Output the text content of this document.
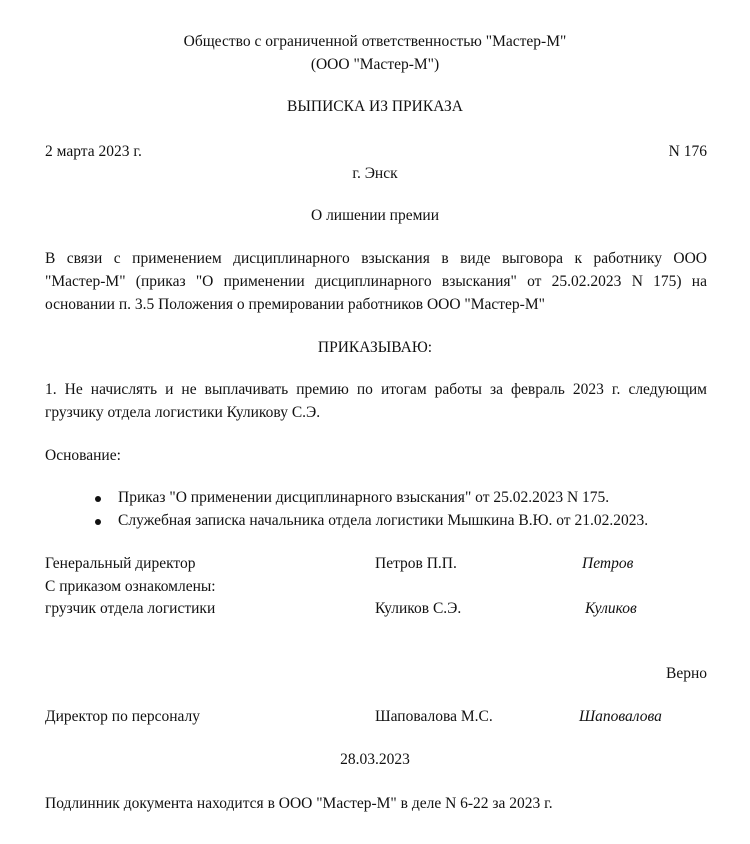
Общество с ограниченной ответственностью "Мастер-М"
(ООО "Мастер-М")
ВЫПИСКА ИЗ ПРИКАЗА
2 марта 2023 г.	N 176
г. Энск
О лишении премии
В связи с применением дисциплинарного взыскания в виде выговора к работнику ООО
"Мастер-М" (приказ "О применении дисциплинарного взыскания" от 25.02.2023 N 175) на
основании п. 3.5 Положения о премировании работников ООО "Мастер-М"
ПРИКАЗЫВАЮ:
1. Не начислять и не выплачивать премию по итогам работы за февраль 2023 г. следующим
грузчику отдела логистики Куликову С.Э.
Основание:
Приказ "О применении дисциплинарного взыскания" от 25.02.2023 N 175.
Служебная записка начальника отдела логистики Мышкина В.Ю. от 21.02.2023.
Генеральный директор	Петров П.П.	Петров
С приказом ознакомлены:
грузчик отдела логистики	Куликов С.Э.	Куликов
Верно
Директор по персоналу	Шаповалова М.С.	Шаповалова
28.03.2023
Подлинник документа находится в ООО "Мастер-М" в деле N 6-22 за 2023 г.
